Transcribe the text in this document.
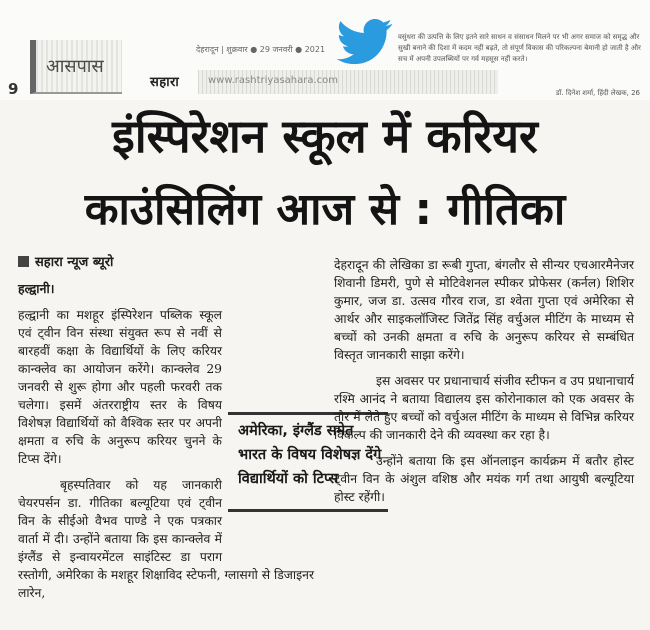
9
आसपास
देहरादून | शुक्रवार ● 29 जनवरी ● 2021
सहारा	www.rashtriyasahara.com
वसुंधरा की उत्पत्ति के लिए इतने सारे साधन व संसाधन मिलने पर भी अगर समाज को समृद्ध और सुखी बनाने की दिशा में कदम नहीं बढ़ते, तो संपूर्ण विकास की परिकल्पना बेमानी हो जाती है और सच में अपनी उपलब्धियों पर गर्व महसूस नहीं करते।
डॉ. दिनेश शर्मा, हिंदी लेखक, 26
इंस्पिरेशन स्कूल में करियर
काउंसिलिंग आज से : गीतिका
सहारा न्यूज ब्यूरो
हल्द्वानी।

हल्द्वानी का मशहूर इंस्पिरेशन पब्लिक स्कूल एवं ट्वीन विन संस्था संयुक्त रूप से नवीं से बारहवीं कक्षा के विद्यार्थियों के लिए करियर कान्क्लेव का आयोजन करेंगे। कान्क्लेव 29 जनवरी से शुरू होगा और पहली फरवरी तक चलेगा। इसमें अंतरराष्ट्रीय स्तर के विषय विशेषज्ञ विद्यार्थियों को वैश्विक स्तर पर अपनी क्षमता व रुचि के अनुरूप करियर चुनने के टिप्स देंगे।

बृहस्पतिवार को यह जानकारी चेयरपर्सन डा. गीतिका बल्यूटिया एवं ट्वीन विन के सीईओ वैभव पाण्डे ने एक पत्रकार वार्ता में दी। उन्होंने बताया कि इस कान्क्लेव में इंग्लैंड से इन्वायरमेंटल साइंटिस्ट डा पराग रस्तोगी, अमेरिका के मशहूर शिक्षाविद स्टेफनी, ग्लासगो से डिजाइनर लारेन,

अमेरिका, इंग्लैंड समेत भारत के विषय विशेषज्ञ देंगे विद्यार्थियों को टिप्स

देहरादून की लेखिका डा रूबी गुप्ता, बंगलौर से सीन्यर एचआरमैनेजर शिवानी डिमरी, पुणे से मोटिवेशनल स्पीकर प्रोफेसर (कर्नल) शिशिर कुमार, जज डा. उत्सव गौरव राज, डा श्वेता गुप्ता एवं अमेरिका से आर्थर और साइकलॉजिस्ट जितेंद्र सिंह वर्चुअल मीटिंग के माध्यम से बच्चों को उनकी क्षमता व रुचि के अनुरूप करियर से सम्बंधित विस्तृत जानकारी साझा करेंगे।

इस अवसर पर प्रधानाचार्य संजीव स्टीफन व उप प्रधानाचार्य रश्मि आनंद ने बताया विद्यालय इस कोरोनाकाल को एक अवसर के तौर में लेते हुए बच्चों को वर्चुअल मीटिंग के माध्यम से विभिन्न करियर विकल्प की जानकारी देने की व्यवस्था कर रहा है।

उन्होंने बताया कि इस ऑनलाइन कार्यक्रम में बतौर होस्ट ट्वीन विन के अंशुल वशिष्ठ और मयंक गर्ग तथा आयुषी बल्यूटिया होस्ट रहेंगी।
